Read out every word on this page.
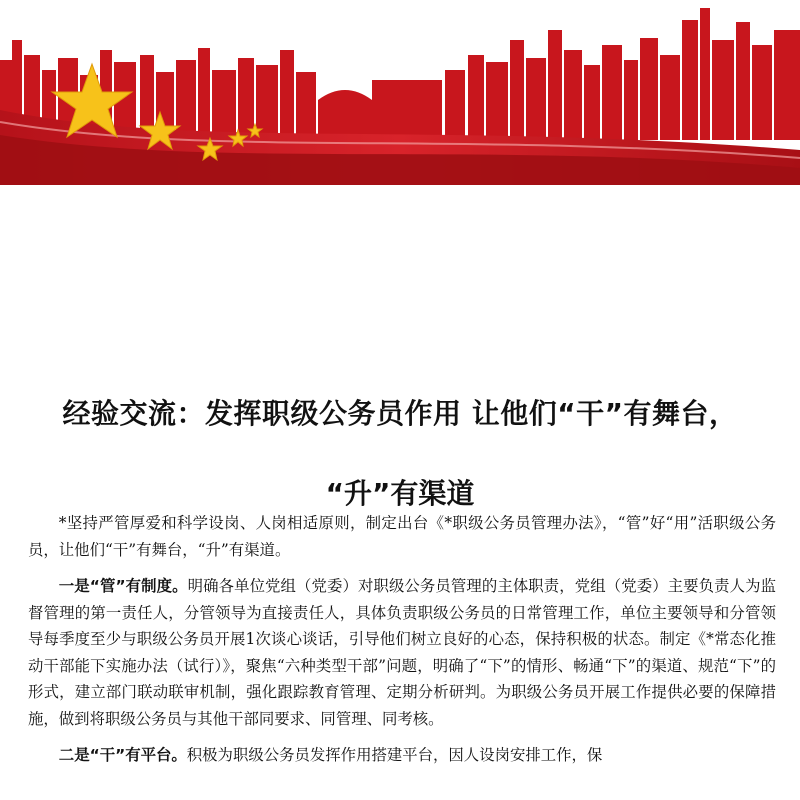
经验交流：发挥职级公务员作用 让他们“干”有舞台，
“升”有渠道

*坚持严管厚爱和科学设岗、人岗相适原则，制定出台《*职级公务员管理办法》，“管”好“用”活职级公务员，让他们“干”有舞台，“升”有渠道。

一是“管”有制度。明确各单位党组（党委）对职级公务员管理的主体职责，党组（党委）主要负责人为监督管理的第一责任人，分管领导为直接责任人，具体负责职级公务员的日常管理工作，单位主要领导和分管领导每季度至少与职级公务员开展1次谈心谈话，引导他们树立良好的心态，保持积极的状态。制定《*常态化推动干部能下实施办法（试行）》，聚焦“六种类型干部”问题，明确了“下”的情形、畅通“下”的渠道、规范“下”的形式，建立部门联动联审机制，强化跟踪教育管理、定期分析研判。为职级公务员开展工作提供必要的保障措施，做到将职级公务员与其他干部同要求、同管理、同考核。

二是“干”有平台。积极为职级公务员发挥作用搭建平台，因人设岗安排工作，保
